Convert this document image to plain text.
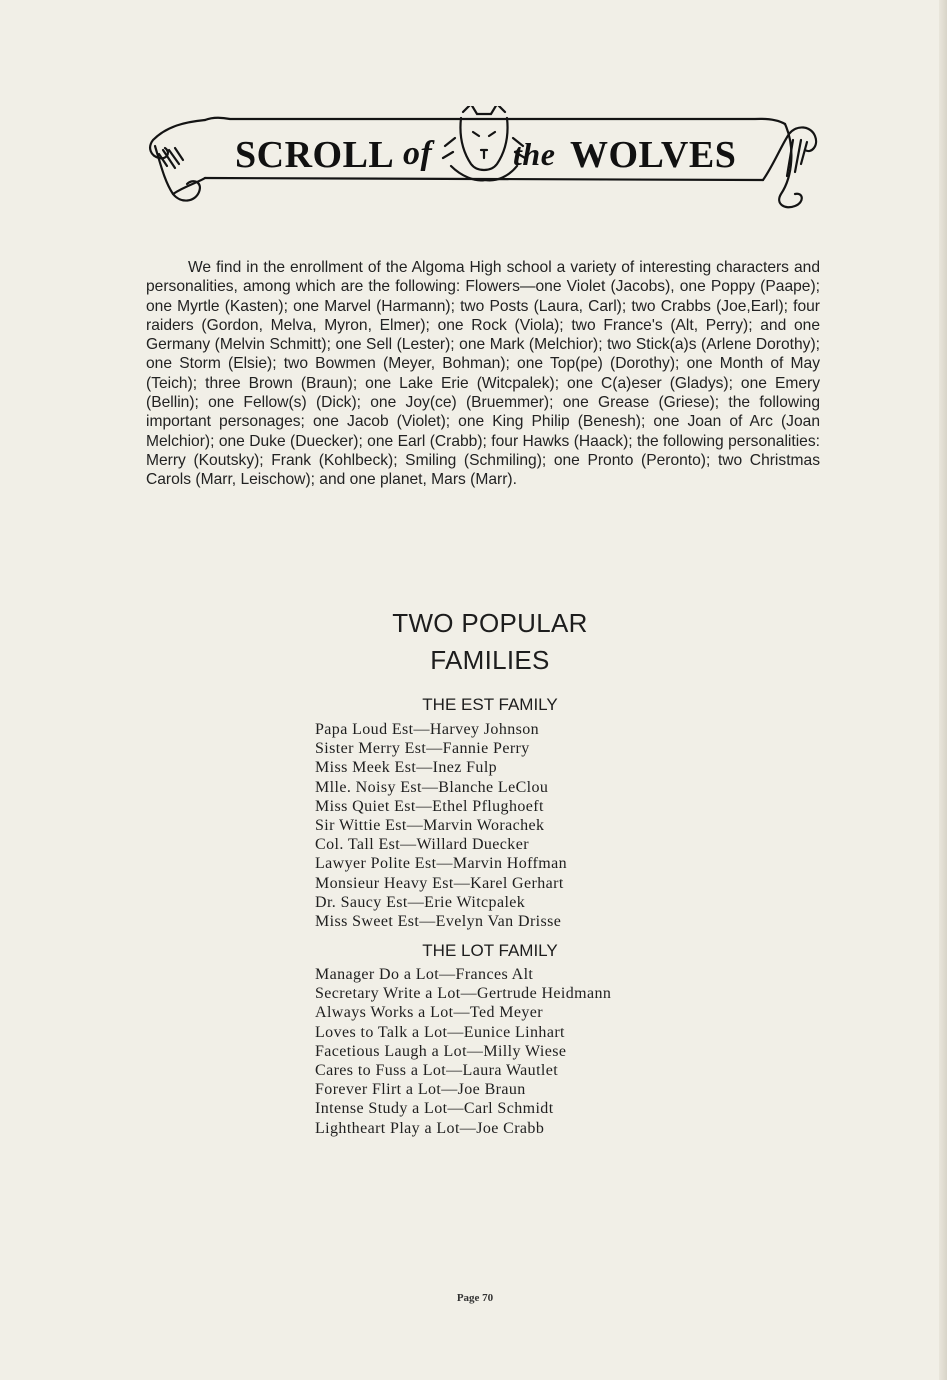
SCROLL of	the WOLVES

We find in the enrollment of the Algoma High school a variety of interesting characters and personalities, among which are the following: Flowers—one Violet (Jacobs), one Poppy (Paape); one Myrtle (Kasten); one Marvel (Harmann); two Posts (Laura, Carl); two Crabbs (Joe,Earl); four raiders (Gordon, Melva, Myron, Elmer); one Rock (Viola); two France's (Alt, Perry); and one Germany (Melvin Schmitt); one Sell (Lester); one Mark (Melchior); two Stick(a)s (Arlene Dorothy); one Storm (Elsie); two Bowmen (Meyer, Bohman); one Top(pe) (Dorothy); one Month of May (Teich); three Brown (Braun); one Lake Erie (Witcpalek); one C(a)eser (Gladys); one Emery (Bellin); one Fellow(s) (Dick); one Joy(ce) (Bruemmer); one Grease (Griese); the following important personages; one Jacob (Violet); one King Philip (Benesh); one Joan of Arc (Joan Melchior); one Duke (Duecker); one Earl (Crabb); four Hawks (Haack); the following personalities: Merry (Koutsky); Frank (Kohlbeck); Smiling (Schmiling); one Pronto (Peronto); two Christmas Carols (Marr, Leischow); and one planet, Mars (Marr).

TWO POPULAR
FAMILIES
THE EST FAMILY
Papa Loud Est—Harvey Johnson
Sister Merry Est—Fannie Perry
Miss Meek Est—Inez Fulp
Mlle. Noisy Est—Blanche LeClou
Miss Quiet Est—Ethel Pflughoeft
Sir Wittie Est—Marvin Worachek
Col. Tall Est—Willard Duecker
Lawyer Polite Est—Marvin Hoffman
Monsieur Heavy Est—Karel Gerhart
Dr. Saucy Est—Erie Witcpalek
Miss Sweet Est—Evelyn Van Drisse
THE LOT FAMILY
Manager Do a Lot—Frances Alt
Secretary Write a Lot—Gertrude Heidmann
Always Works a Lot—Ted Meyer
Loves to Talk a Lot—Eunice Linhart
Facetious Laugh a Lot—Milly Wiese
Cares to Fuss a Lot—Laura Wautlet
Forever Flirt a Lot—Joe Braun
Intense Study a Lot—Carl Schmidt
Lightheart Play a Lot—Joe Crabb
Page 70
